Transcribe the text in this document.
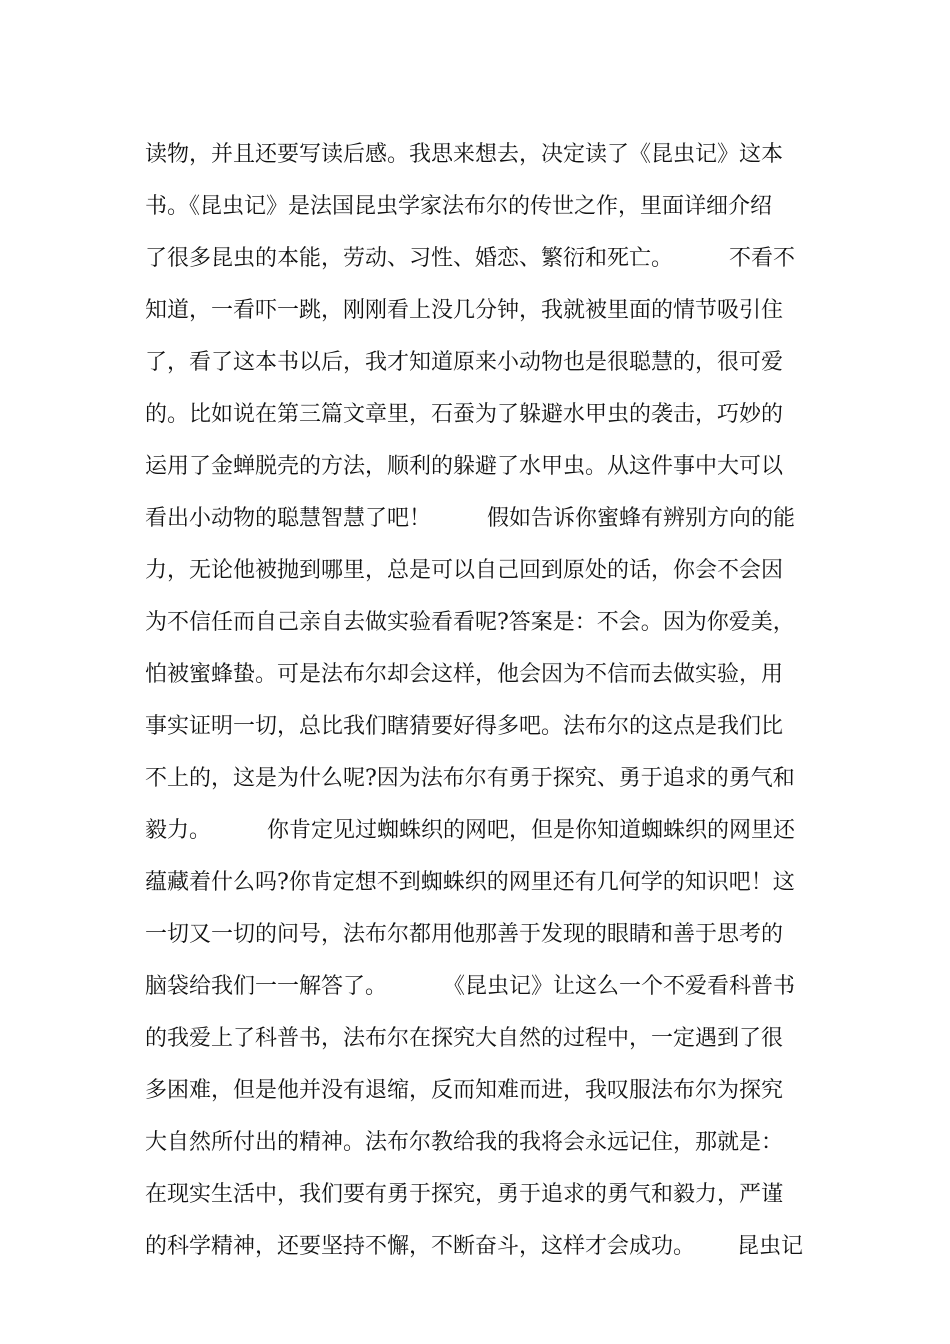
读物，并且还要写读后感。我思来想去，决定读了《昆虫记》这本
书。《昆虫记》是法国昆虫学家法布尔的传世之作，里面详细介绍
了很多昆虫的本能，劳动、习性、婚恋、繁衍和死亡。        不看不
知道，一看吓一跳，刚刚看上没几分钟，我就被里面的情节吸引住
了，看了这本书以后，我才知道原来小动物也是很聪慧的，很可爱
的。比如说在第三篇文章里，石蚕为了躲避水甲虫的袭击，巧妙的
运用了金蝉脱壳的方法，顺利的躲避了水甲虫。从这件事中大可以
看出小动物的聪慧智慧了吧！        假如告诉你蜜蜂有辨别方向的能
力，无论他被抛到哪里，总是可以自己回到原处的话，你会不会因
为不信任而自己亲自去做实验看看呢?答案是：不会。因为你爱美，
怕被蜜蜂蛰。可是法布尔却会这样，他会因为不信而去做实验，用
事实证明一切，总比我们瞎猜要好得多吧。法布尔的这点是我们比
不上的，这是为什么呢?因为法布尔有勇于探究、勇于追求的勇气和
毅力。        你肯定见过蜘蛛织的网吧，但是你知道蜘蛛织的网里还
蕴藏着什么吗?你肯定想不到蜘蛛织的网里还有几何学的知识吧！这
一切又一切的问号，法布尔都用他那善于发现的眼睛和善于思考的
脑袋给我们一一解答了。        《昆虫记》让这么一个不爱看科普书
的我爱上了科普书，法布尔在探究大自然的过程中，一定遇到了很
多困难，但是他并没有退缩，反而知难而进，我叹服法布尔为探究
大自然所付出的精神。法布尔教给我的我将会永远记住，那就是：
在现实生活中，我们要有勇于探究，勇于追求的勇气和毅力，严谨
的科学精神，还要坚持不懈，不断奋斗，这样才会成功。      昆虫记
